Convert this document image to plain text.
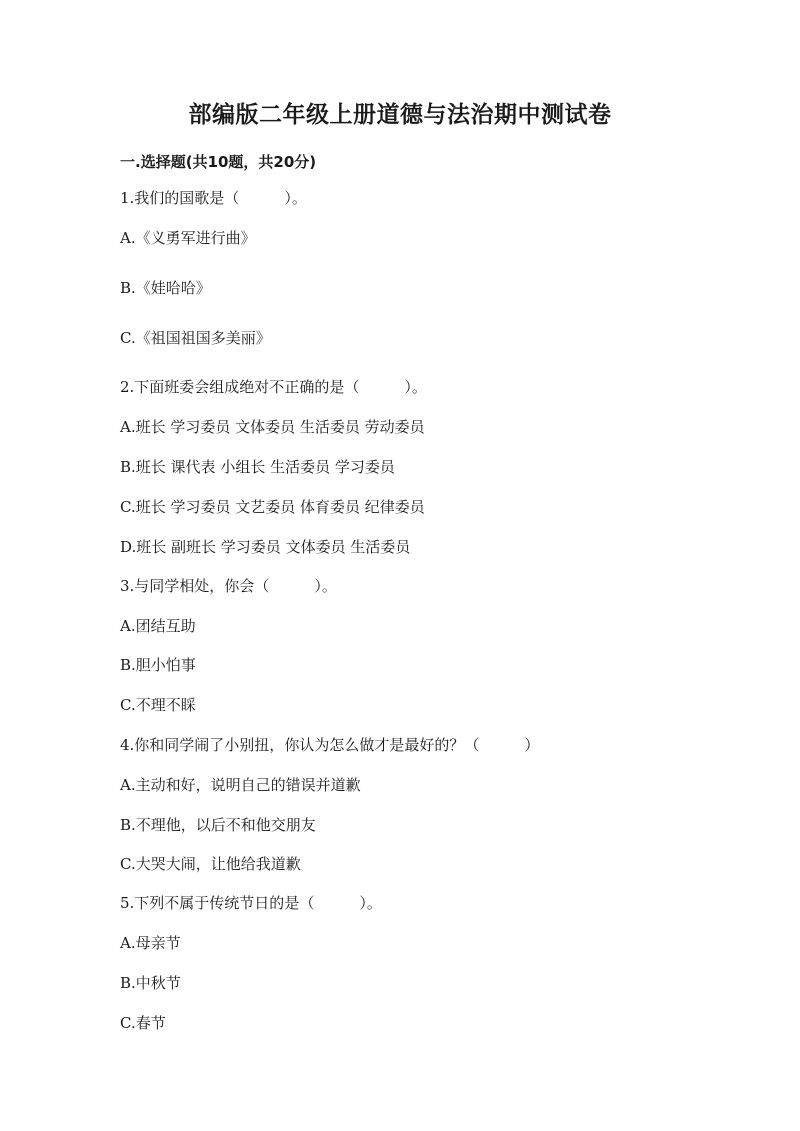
部编版二年级上册道德与法治期中测试卷
一.选择题(共10题，共20分)
1.我们的国歌是（　　　）。
A.《义勇军进行曲》
B.《娃哈哈》
C.《祖国祖国多美丽》
2.下面班委会组成绝对不正确的是（　　　）。
A.班长 学习委员 文体委员 生活委员 劳动委员
B.班长 课代表 小组长 生活委员 学习委员
C.班长 学习委员 文艺委员 体育委员 纪律委员
D.班长 副班长 学习委员 文体委员 生活委员
3.与同学相处，你会（　　　）。
A.团结互助
B.胆小怕事
C.不理不睬
4.你和同学闹了小别扭，你认为怎么做才是最好的？（　　　）
A.主动和好，说明自己的错误并道歉
B.不理他，以后不和他交朋友
C.大哭大闹，让他给我道歉
5.下列不属于传统节日的是（　　　）。
A.母亲节
B.中秋节
C.春节
